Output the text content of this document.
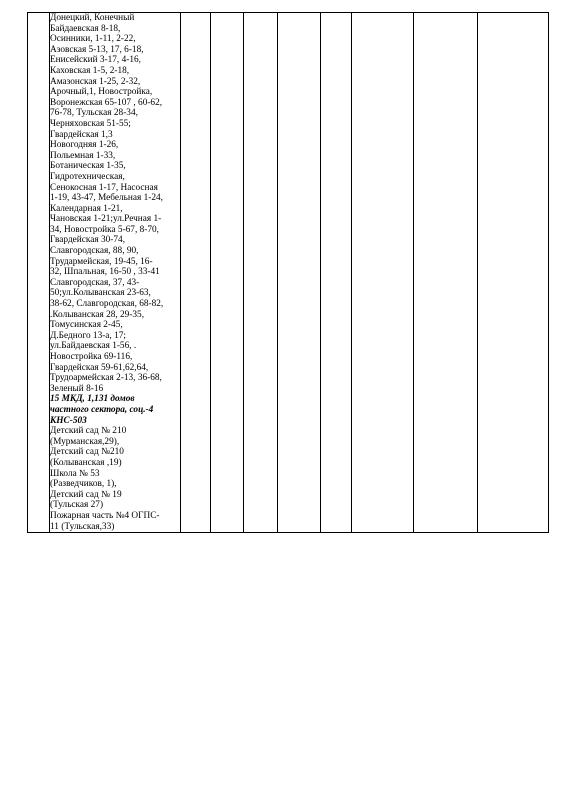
Донецкий, Конечный
Байдаевская 8-18,
Осинники, 1-11, 2-22,
Азовская 5-13, 17, 6-18,
Енисейский 3-17, 4-16,
Каховская 1-5, 2-18,
Амазонская 1-25, 2-32,
Арочный,1, Новостройка,
Воронежская 65-107 , 60-62,
76-78, Тульская 28-34,
Черняховская 51-55;
Гвардейская 1,3
Новогодняя 1-26,
Польемная 1-33,
Ботаническая 1-35,
Гидротехническая,
Сенокосная 1-17, Насосная
1-19, 43-47, Мебельная 1-24,
Календарная 1-21,
Чановская 1-21;ул.Речная 1-
34, Новостройка 5-67, 8-70,
Гвардейская 30-74,
Славгородская, 88, 90,
Трудармейская, 19-45, 16-
32, Шпальная, 16-50 , 33-41
Славгородская, 37, 43-
50;ул.Колыванская 23-63,
38-62, Славгородская, 68-82,
.Колыванская 28, 29-35,
Томусинская 2-45,
Д.Бедного 13-а, 17;
ул.Байдаевская 1-56, .
Новостройка 69-116,
Гвардейская 59-61,62,64,
Трудоармейская 2-13, 36-68,
Зеленый 8-16
15 МКД, 1,131 домов
частного сектора, соц.-4
КНС-503
Детский сад № 210
(Мурманская,29),
Детский сад №210
(Колыванская ,19)
Школа № 53
(Разведчиков, 1),
Детский сад № 19
(Тульская 27)
Пожарная часть №4 ОГПС-
11 (Тульская,33)
